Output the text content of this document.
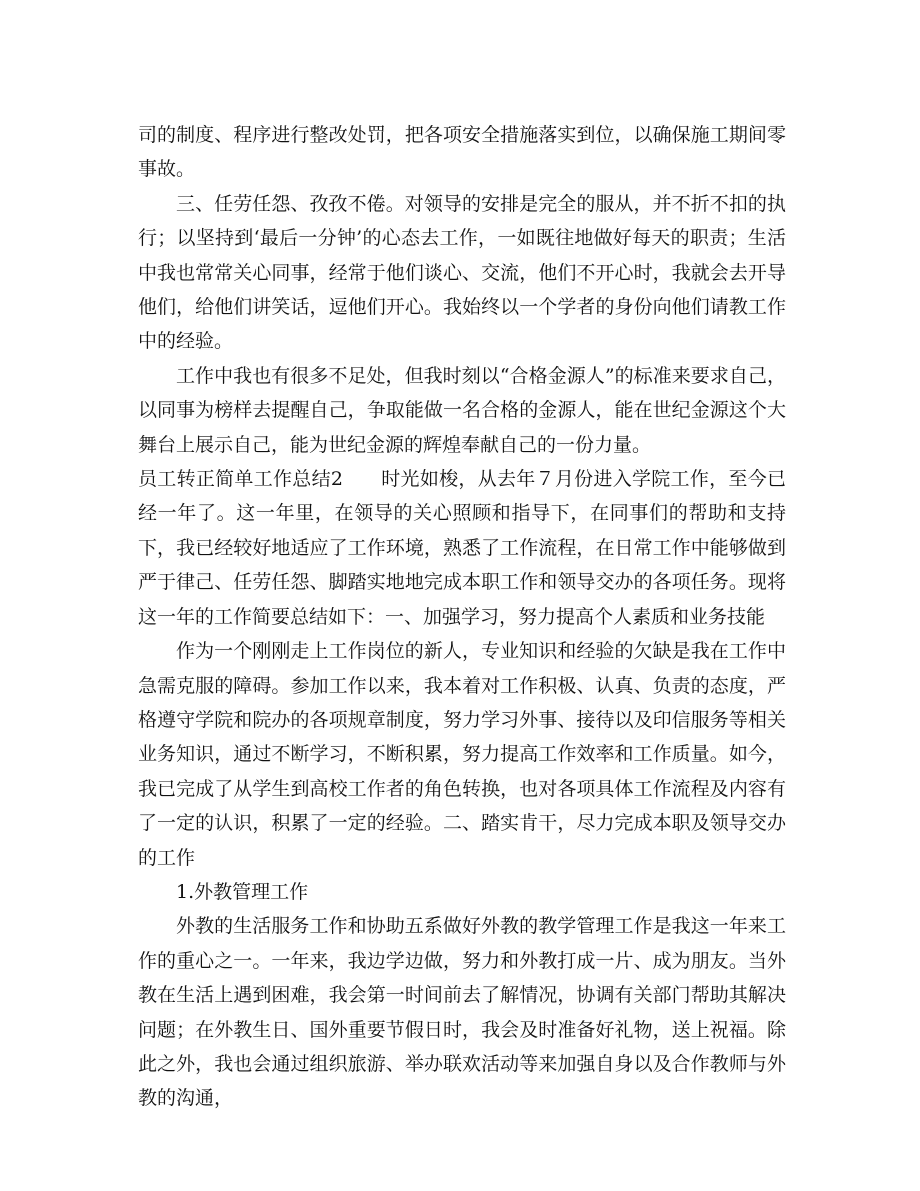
司的制度、程序进行整改处罚，把各项安全措施落实到位，以确保施工期间零事故。

三、任劳任怨、孜孜不倦。对领导的安排是完全的服从，并不折不扣的执行；以坚持到‘最后一分钟’的心态去工作，一如既往地做好每天的职责；生活中我也常常关心同事，经常于他们谈心、交流，他们不开心时，我就会去开导他们，给他们讲笑话，逗他们开心。我始终以一个学者的身份向他们请教工作中的经验。

工作中我也有很多不足处，但我时刻以“合格金源人”的标准来要求自己，以同事为榜样去提醒自己，争取能做一名合格的金源人，能在世纪金源这个大舞台上展示自己，能为世纪金源的辉煌奉献自己的一份力量。

员工转正简单工作总结2 时光如梭，从去年７月份进入学院工作，至今已经一年了。这一年里，在领导的关心照顾和指导下，在同事们的帮助和支持下，我已经较好地适应了工作环境，熟悉了工作流程，在日常工作中能够做到严于律己、任劳任怨、脚踏实地地完成本职工作和领导交办的各项任务。现将这一年的工作简要总结如下：一、加强学习，努力提高个人素质和业务技能

作为一个刚刚走上工作岗位的新人，专业知识和经验的欠缺是我在工作中急需克服的障碍。参加工作以来，我本着对工作积极、认真、负责的态度，严格遵守学院和院办的各项规章制度，努力学习外事、接待以及印信服务等相关业务知识，通过不断学习，不断积累，努力提高工作效率和工作质量。如今，我已完成了从学生到高校工作者的角色转换，也对各项具体工作流程及内容有了一定的认识，积累了一定的经验。二、踏实肯干，尽力完成本职及领导交办的工作

1.外教管理工作

外教的生活服务工作和协助五系做好外教的教学管理工作是我这一年来工作的重心之一。一年来，我边学边做，努力和外教打成一片、成为朋友。当外教在生活上遇到困难，我会第一时间前去了解情况，协调有关部门帮助其解决问题；在外教生日、国外重要节假日时，我会及时准备好礼物，送上祝福。除此之外，我也会通过组织旅游、举办联欢活动等来加强自身以及合作教师与外教的沟通，
